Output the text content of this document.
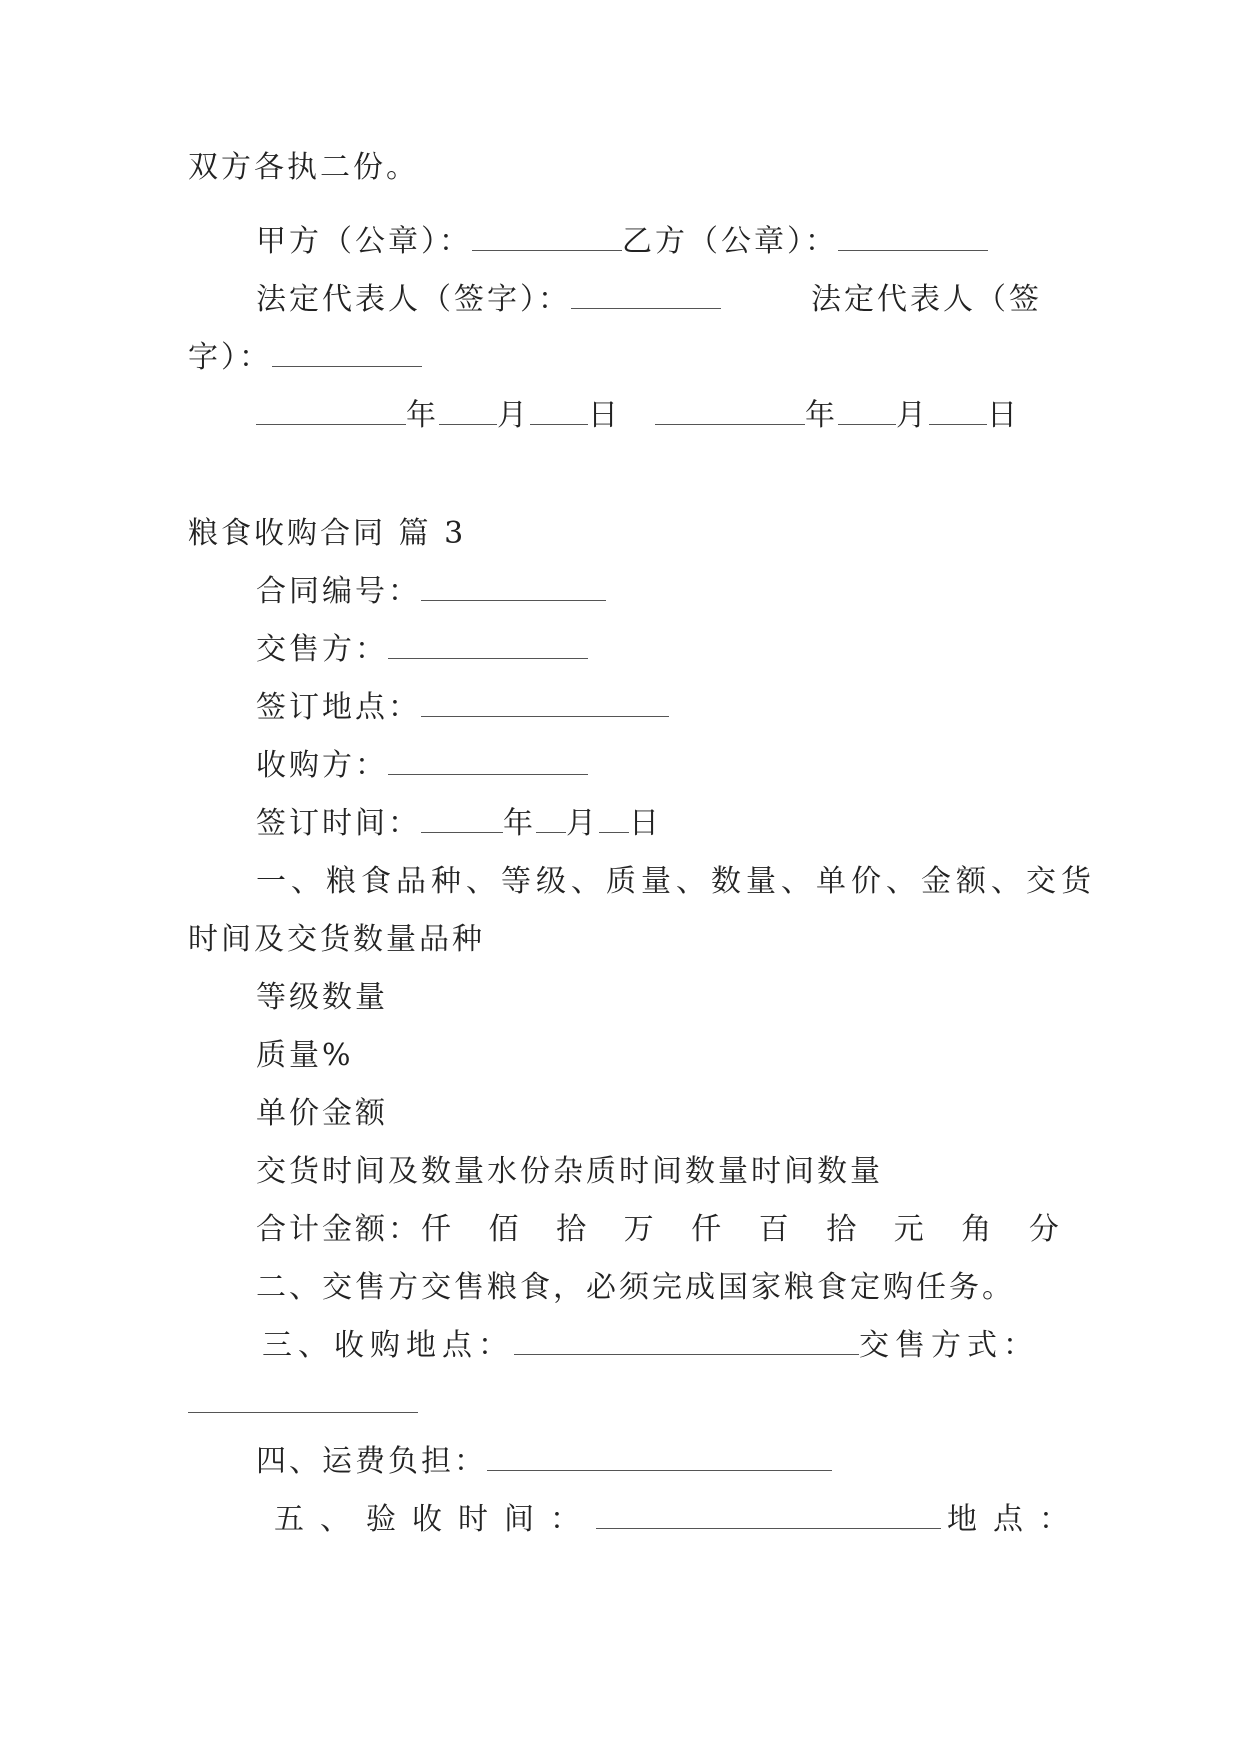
双方各执二份。
甲方（公章）：	乙方（公章）：
法定代表人（签字）：	法定代表人（签
字）：
年 月 日	年 月 日
粮食收购合同 篇 3
合同编号：
交售方：
签订地点：
收购方：
签订时间：	年 月 日
一、粮食品种、等级、质量、数量、单价、金额、交货
时间及交货数量品种
等级数量
质量%
单价金额
交货时间及数量水份杂质时间数量时间数量
合计金额：仟 佰 拾 万 仟 百 拾 元 角 分
二、交售方交售粮食，必须完成国家粮食定购任务。
三、收购地点：	交售方式：
四、运费负担：
五、验收时间：	地点：
